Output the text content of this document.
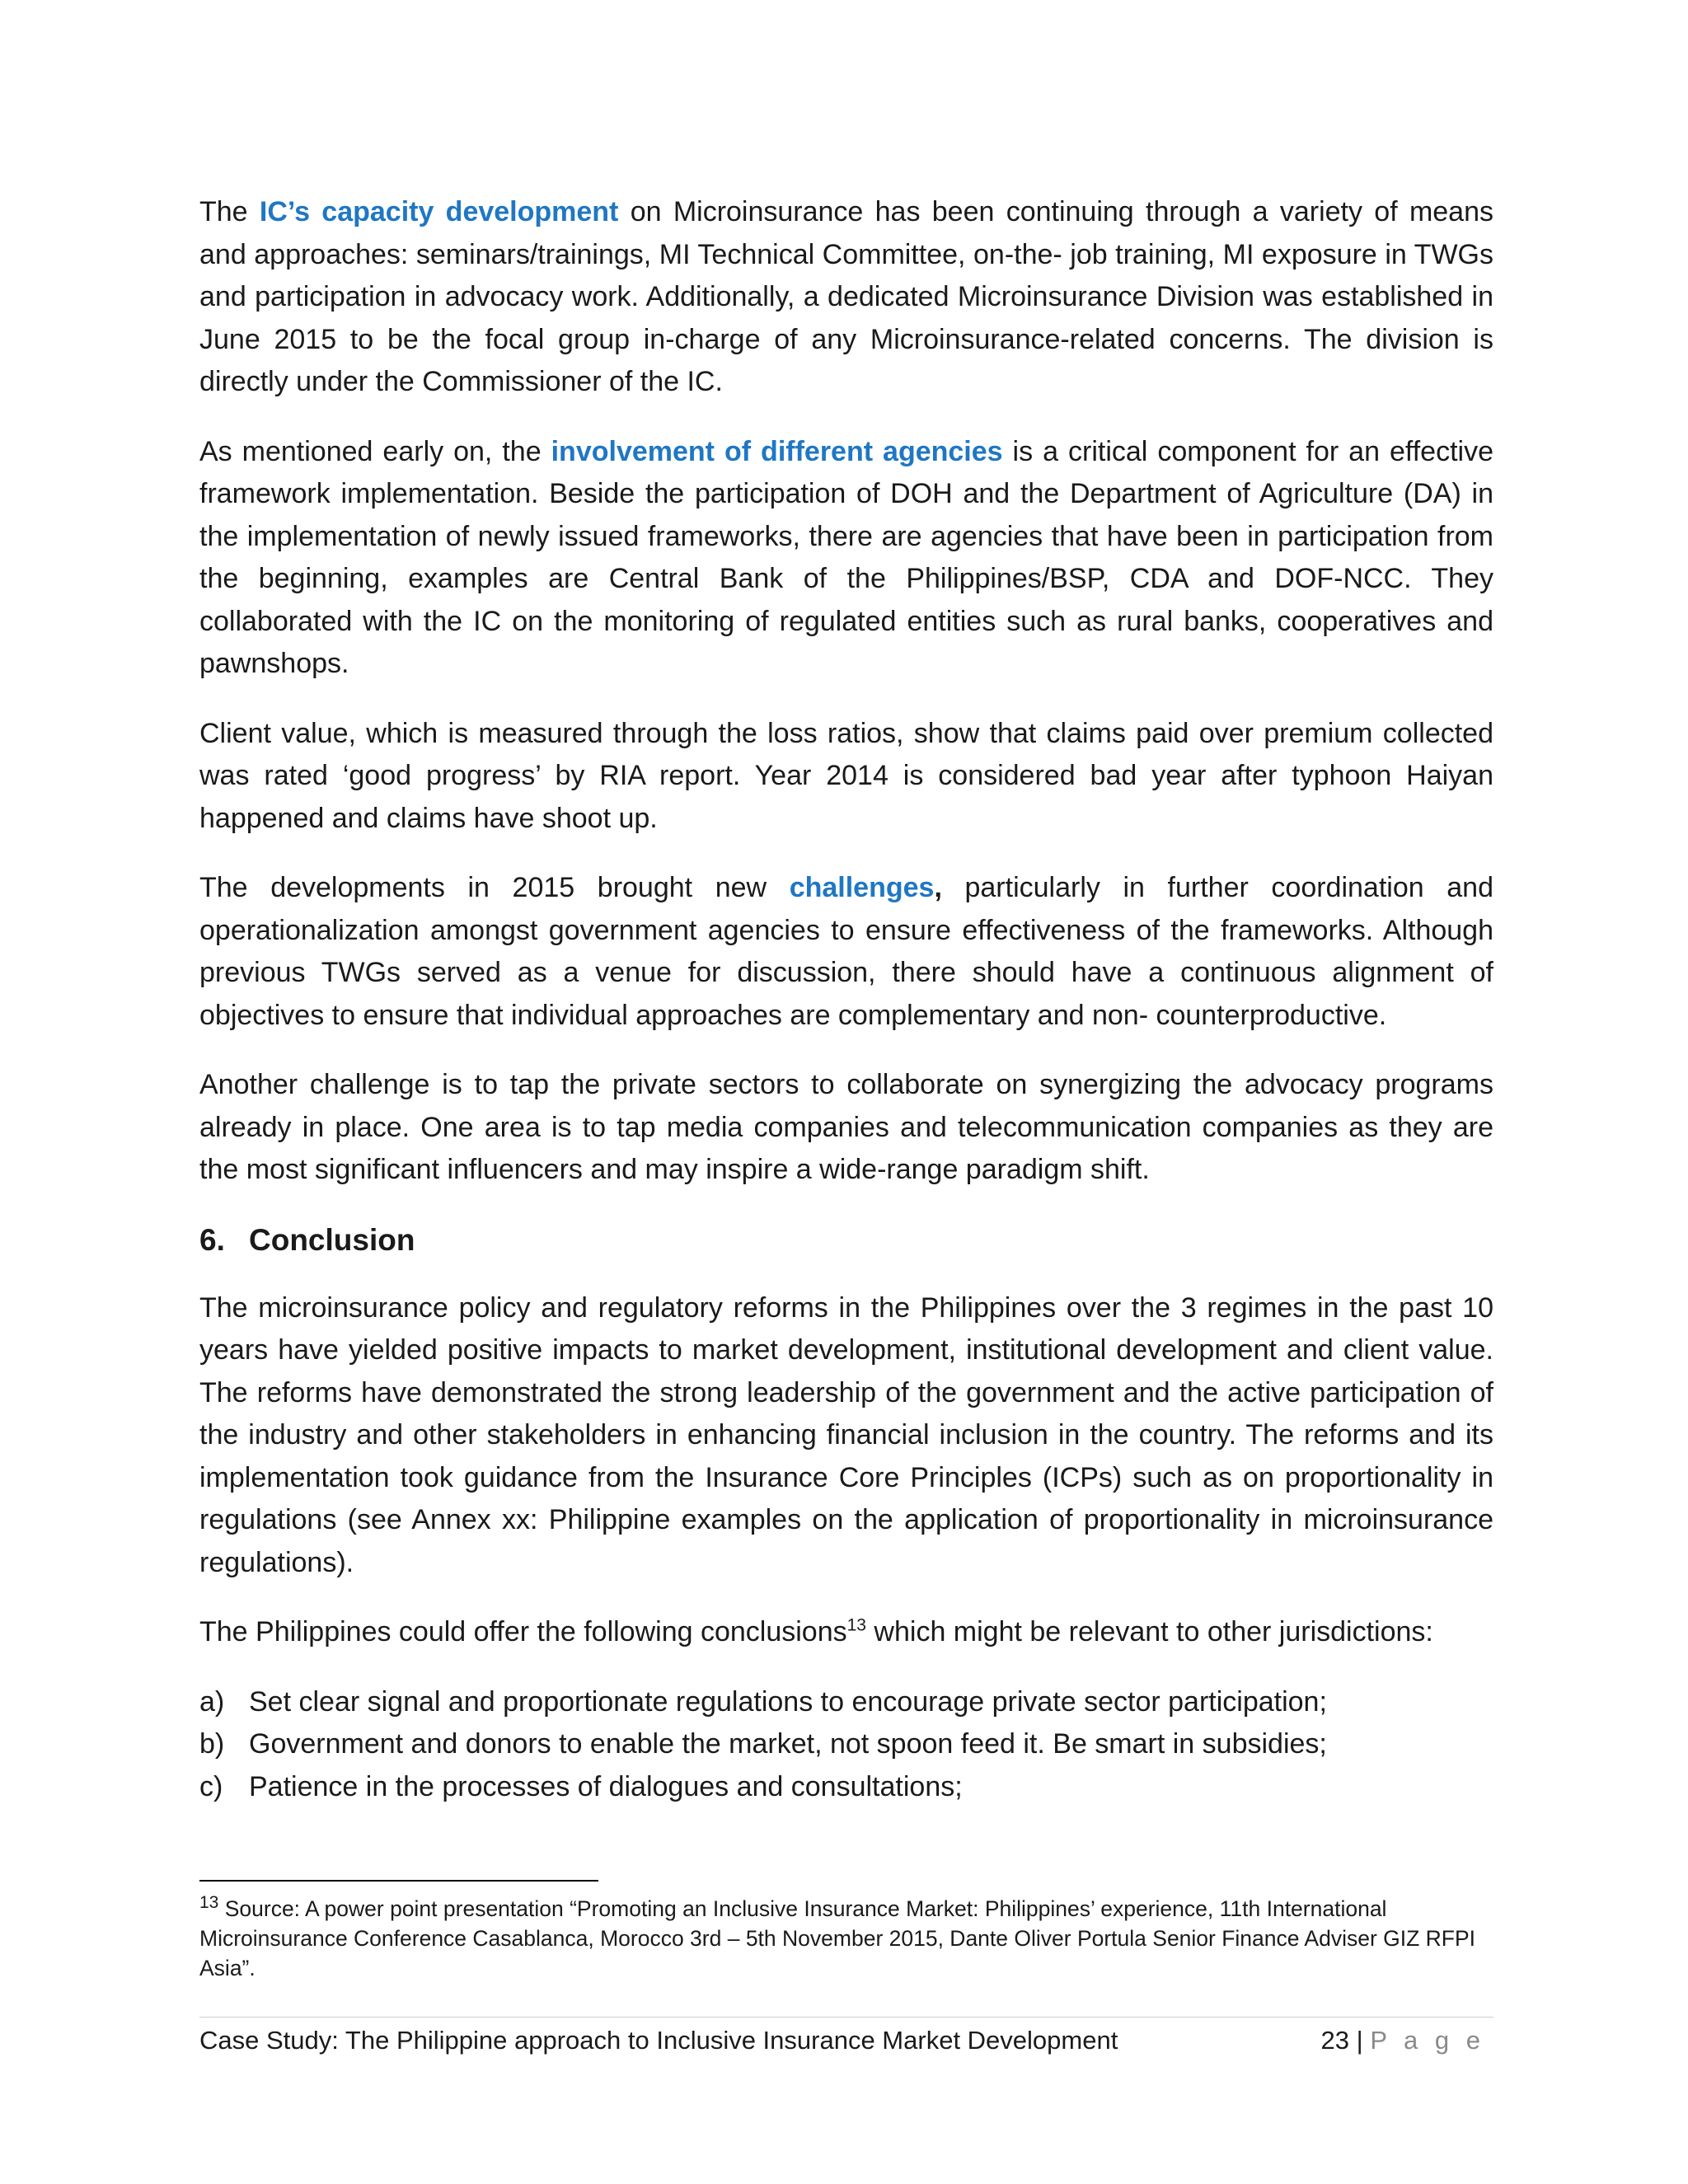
The IC’s capacity development on Microinsurance has been continuing through a variety of means and approaches: seminars/trainings, MI Technical Committee, on-the- job training, MI exposure in TWGs and participation in advocacy work. Additionally, a dedicated Microinsurance Division was established in June 2015 to be the focal group in-charge of any Microinsurance-related concerns. The division is directly under the Commissioner of the IC.

As mentioned early on, the involvement of different agencies is a critical component for an effective framework implementation. Beside the participation of DOH and the Department of Agriculture (DA) in the implementation of newly issued frameworks, there are agencies that have been in participation from the beginning, examples are Central Bank of the Philippines/BSP, CDA and DOF-NCC. They collaborated with the IC on the monitoring of regulated entities such as rural banks, cooperatives and pawnshops.

Client value, which is measured through the loss ratios, show that claims paid over premium collected was rated ‘good progress’ by RIA report. Year 2014 is considered bad year after typhoon Haiyan happened and claims have shoot up.

The developments in 2015 brought new challenges, particularly in further coordination and operationalization amongst government agencies to ensure effectiveness of the frameworks. Although previous TWGs served as a venue for discussion, there should have a continuous alignment of objectives to ensure that individual approaches are complementary and non- counterproductive.

Another challenge is to tap the private sectors to collaborate on synergizing the advocacy programs already in place. One area is to tap media companies and telecommunication companies as they are the most significant influencers and may inspire a wide-range paradigm shift.

6. Conclusion

The microinsurance policy and regulatory reforms in the Philippines over the 3 regimes in the past 10 years have yielded positive impacts to market development, institutional development and client value. The reforms have demonstrated the strong leadership of the government and the active participation of the industry and other stakeholders in enhancing financial inclusion in the country. The reforms and its implementation took guidance from the Insurance Core Principles (ICPs) such as on proportionality in regulations (see Annex xx: Philippine examples on the application of proportionality in microinsurance regulations).

The Philippines could offer the following conclusions$^{13}$ which might be relevant to other jurisdictions:

a) Set clear signal and proportionate regulations to encourage private sector participation;
b) Government and donors to enable the market, not spoon feed it. Be smart in subsidies;
c) Patience in the processes of dialogues and consultations;
$^{13}$ Source: A power point presentation “Promoting an Inclusive Insurance Market: Philippines’ experience, 11th International Microinsurance Conference Casablanca, Morocco 3rd – 5th November 2015, Dante Oliver Portula Senior Finance Adviser GIZ RFPI Asia”.
Case Study: The Philippine approach to Inclusive Insurance Market Development	23 | P a g e
